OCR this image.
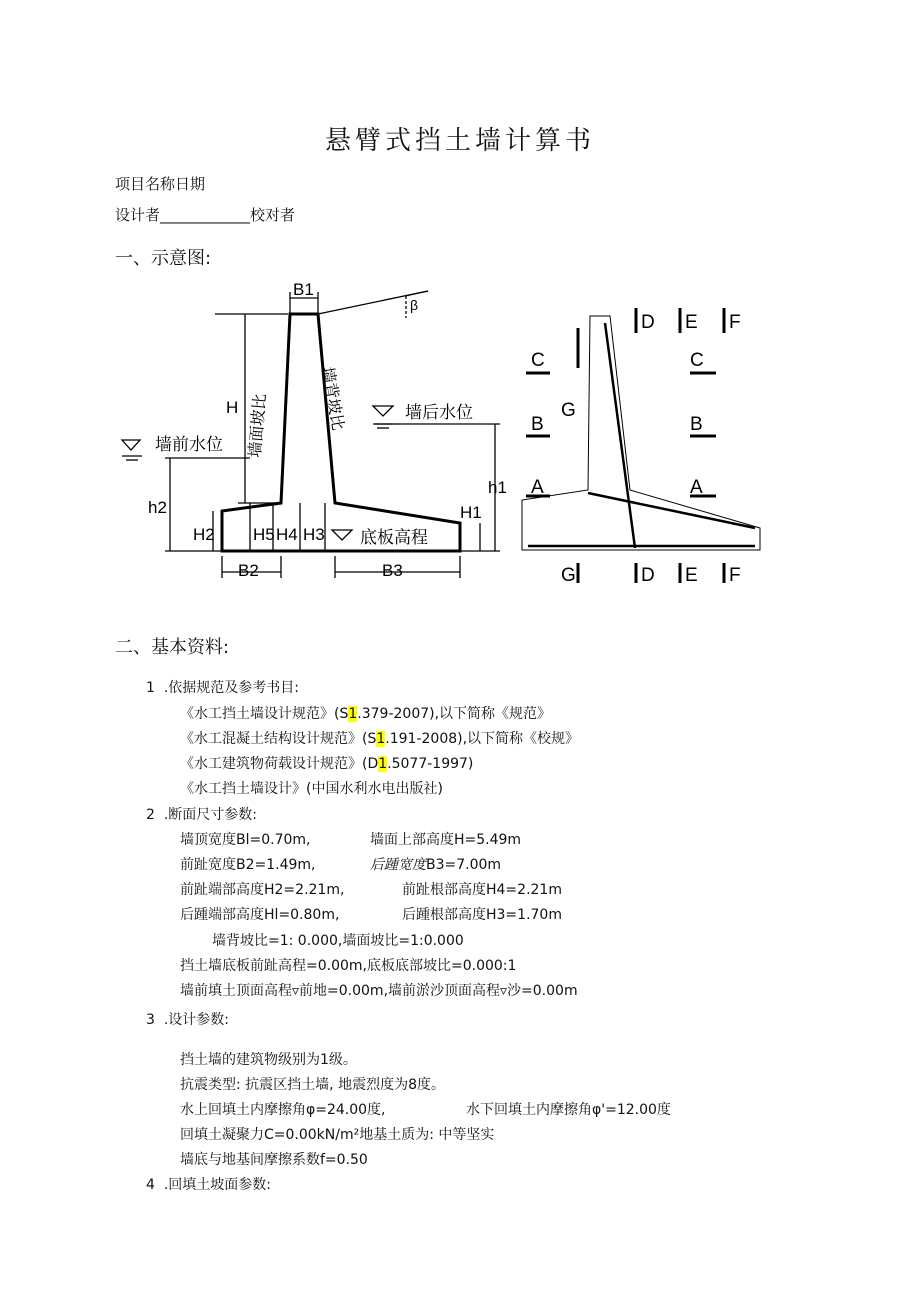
悬臂式挡土墙计算书
项目名称日期
设计者____________校对者
一、示意图:
B1
β
H 墙面坡比	墙背坡比
墙前水位
墙后水位
h2
h1
H1
H2 H5 H4 H3 底板高程
B2	B3
D E F
C	C
G
B	B
A	A
G	D E F
二、基本资料:
1 .依据规范及参考书目:
《水工挡土墙设计规范》(S1.379-2007),以下简称《规范》
《水工混凝土结构设计规范》(S1.191-2008),以下简称《校规》
《水工建筑物荷载设计规范》(D1.5077-1997)
《水工挡土墙设计》(中国水利水电出版社)
2 .断面尺寸参数:
墙顶宽度Bl=0.70m,	墙面上部高度H=5.49m
前趾宽度B2=1.49m,	后踵宽度B3=7.00m
前趾端部高度H2=2.21m,	前趾根部高度H4=2.21m
后踵端部高度Hl=0.80m,	后踵根部高度H3=1.70m
墙背坡比=1: 0.000,墙面坡比=1:0.000
挡土墙底板前趾高程=0.00m,底板底部坡比=0.000:1
墙前填土顶面高程▿前地=0.00m,墙前淤沙顶面高程▿沙=0.00m
3 .设计参数:
挡土墙的建筑物级别为1级。
抗震类型: 抗震区挡土墙, 地震烈度为8度。
水上回填土内摩擦角φ=24.00度,	水下回填土内摩擦角φ'=12.00度
回填土凝聚力C=0.00kN/m²地基土质为: 中等坚实
墙底与地基间摩擦系数f=0.50
4 .回填土坡面参数:
